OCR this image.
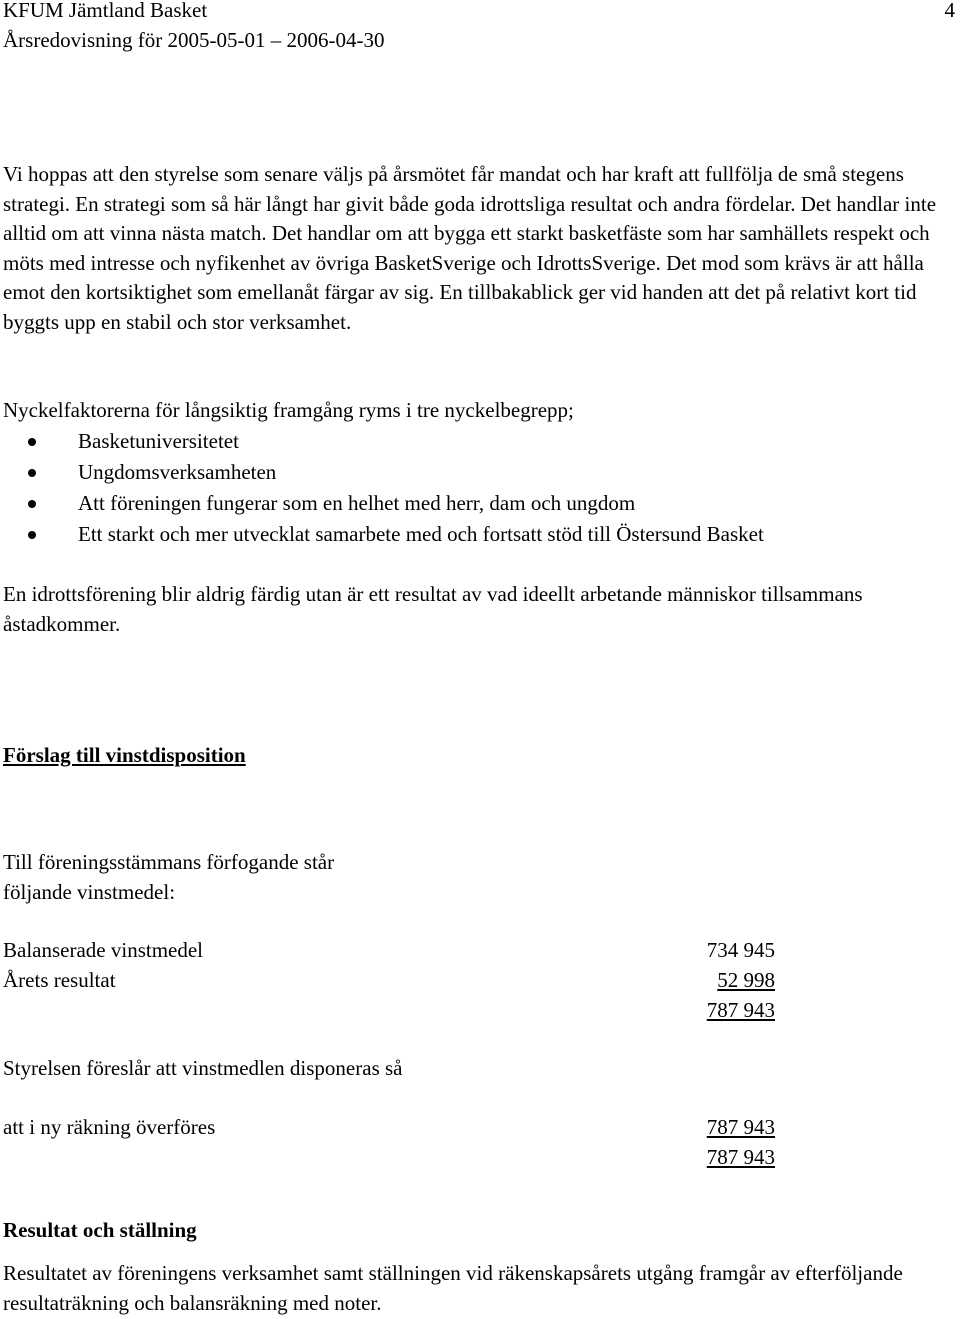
KFUM Jämtland Basket
Årsredovisning för 2005-05-01 – 2006-04-30
4

Vi hoppas att den styrelse som senare väljs på årsmötet får mandat och har kraft att fullfölja de små stegens strategi. En strategi som så här långt har givit både goda idrottsliga resultat och andra fördelar. Det handlar inte alltid om att vinna nästa match. Det handlar om att bygga ett starkt basketfäste som har samhällets respekt och möts med intresse och nyfikenhet av övriga BasketSverige och IdrottsSverige. Det mod som krävs är att hålla emot den kortsiktighet som emellanåt färgar av sig. En tillbakablick ger vid handen att det på relativt kort tid byggts upp en stabil och stor verksamhet.

Nyckelfaktorerna för långsiktig framgång ryms i tre nyckelbegrepp;

Basketuniversitetet
Ungdomsverksamheten
Att föreningen fungerar som en helhet med herr, dam och ungdom
Ett starkt och mer utvecklat samarbete med och fortsatt stöd till Östersund Basket

En idrottsförening blir aldrig färdig utan är ett resultat av vad ideellt arbetande människor tillsammans åstadkommer.

Förslag till vinstdisposition
Till föreningsstämmans förfogande står
följande vinstmedel:
Balanserade vinstmedel	734 945
Årets resultat	52 998
787 943
Styrelsen föreslår att vinstmedlen disponeras så
att i ny räkning överföres	787 943
787 943
Resultat och ställning

Resultatet av föreningens verksamhet samt ställningen vid räkenskapsårets utgång framgår av efterföljande resultaträkning och balansräkning med noter.
